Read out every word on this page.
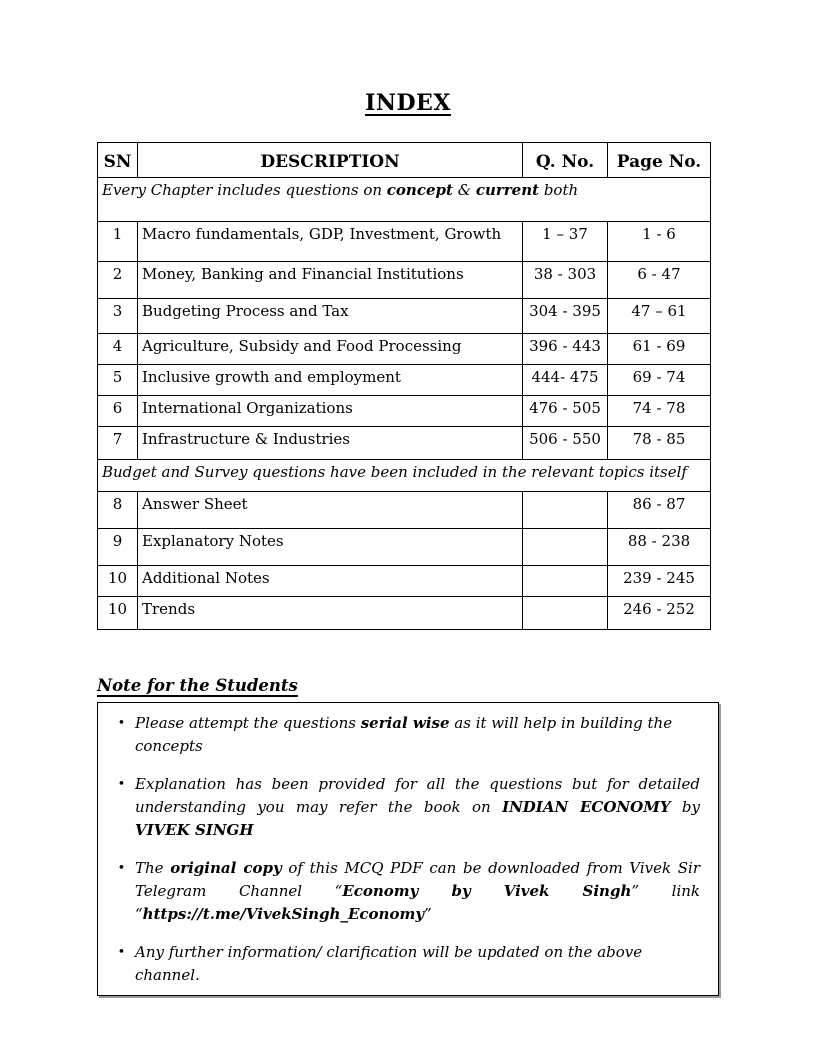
INDEX
SN	DESCRIPTION	Q. No.	Page No.
Every Chapter includes questions on concept & current both			
1	Macro fundamentals, GDP, Investment, Growth	1 – 37	1 - 6
2	Money, Banking and Financial Institutions	38 - 303	6 - 47
3	Budgeting Process and Tax	304 - 395	47 – 61
4	Agriculture, Subsidy and Food Processing	396 - 443	61 - 69
5	Inclusive growth and employment	444- 475	69 - 74
6	International Organizations	476 - 505	74 - 78
7	Infrastructure & Industries	506 - 550	78 - 85
Budget and Survey questions have been included in the relevant topics itself			
8	Answer Sheet		86 - 87
9	Explanatory Notes		88 - 238
10	Additional Notes		239 - 245
10	Trends		246 - 252
Note for the Students
• Please attempt the questions serial wise as it will help in building the concepts
• Explanation has been provided for all the questions but for detailed understanding you may refer the book on INDIAN ECONOMY by VIVEK SINGH
• The original copy of this MCQ PDF can be downloaded from Vivek Sir Telegram Channel “Economy by Vivek Singh” link “https://t.me/VivekSingh_Economy”
• Any further information/ clarification will be updated on the above channel.
